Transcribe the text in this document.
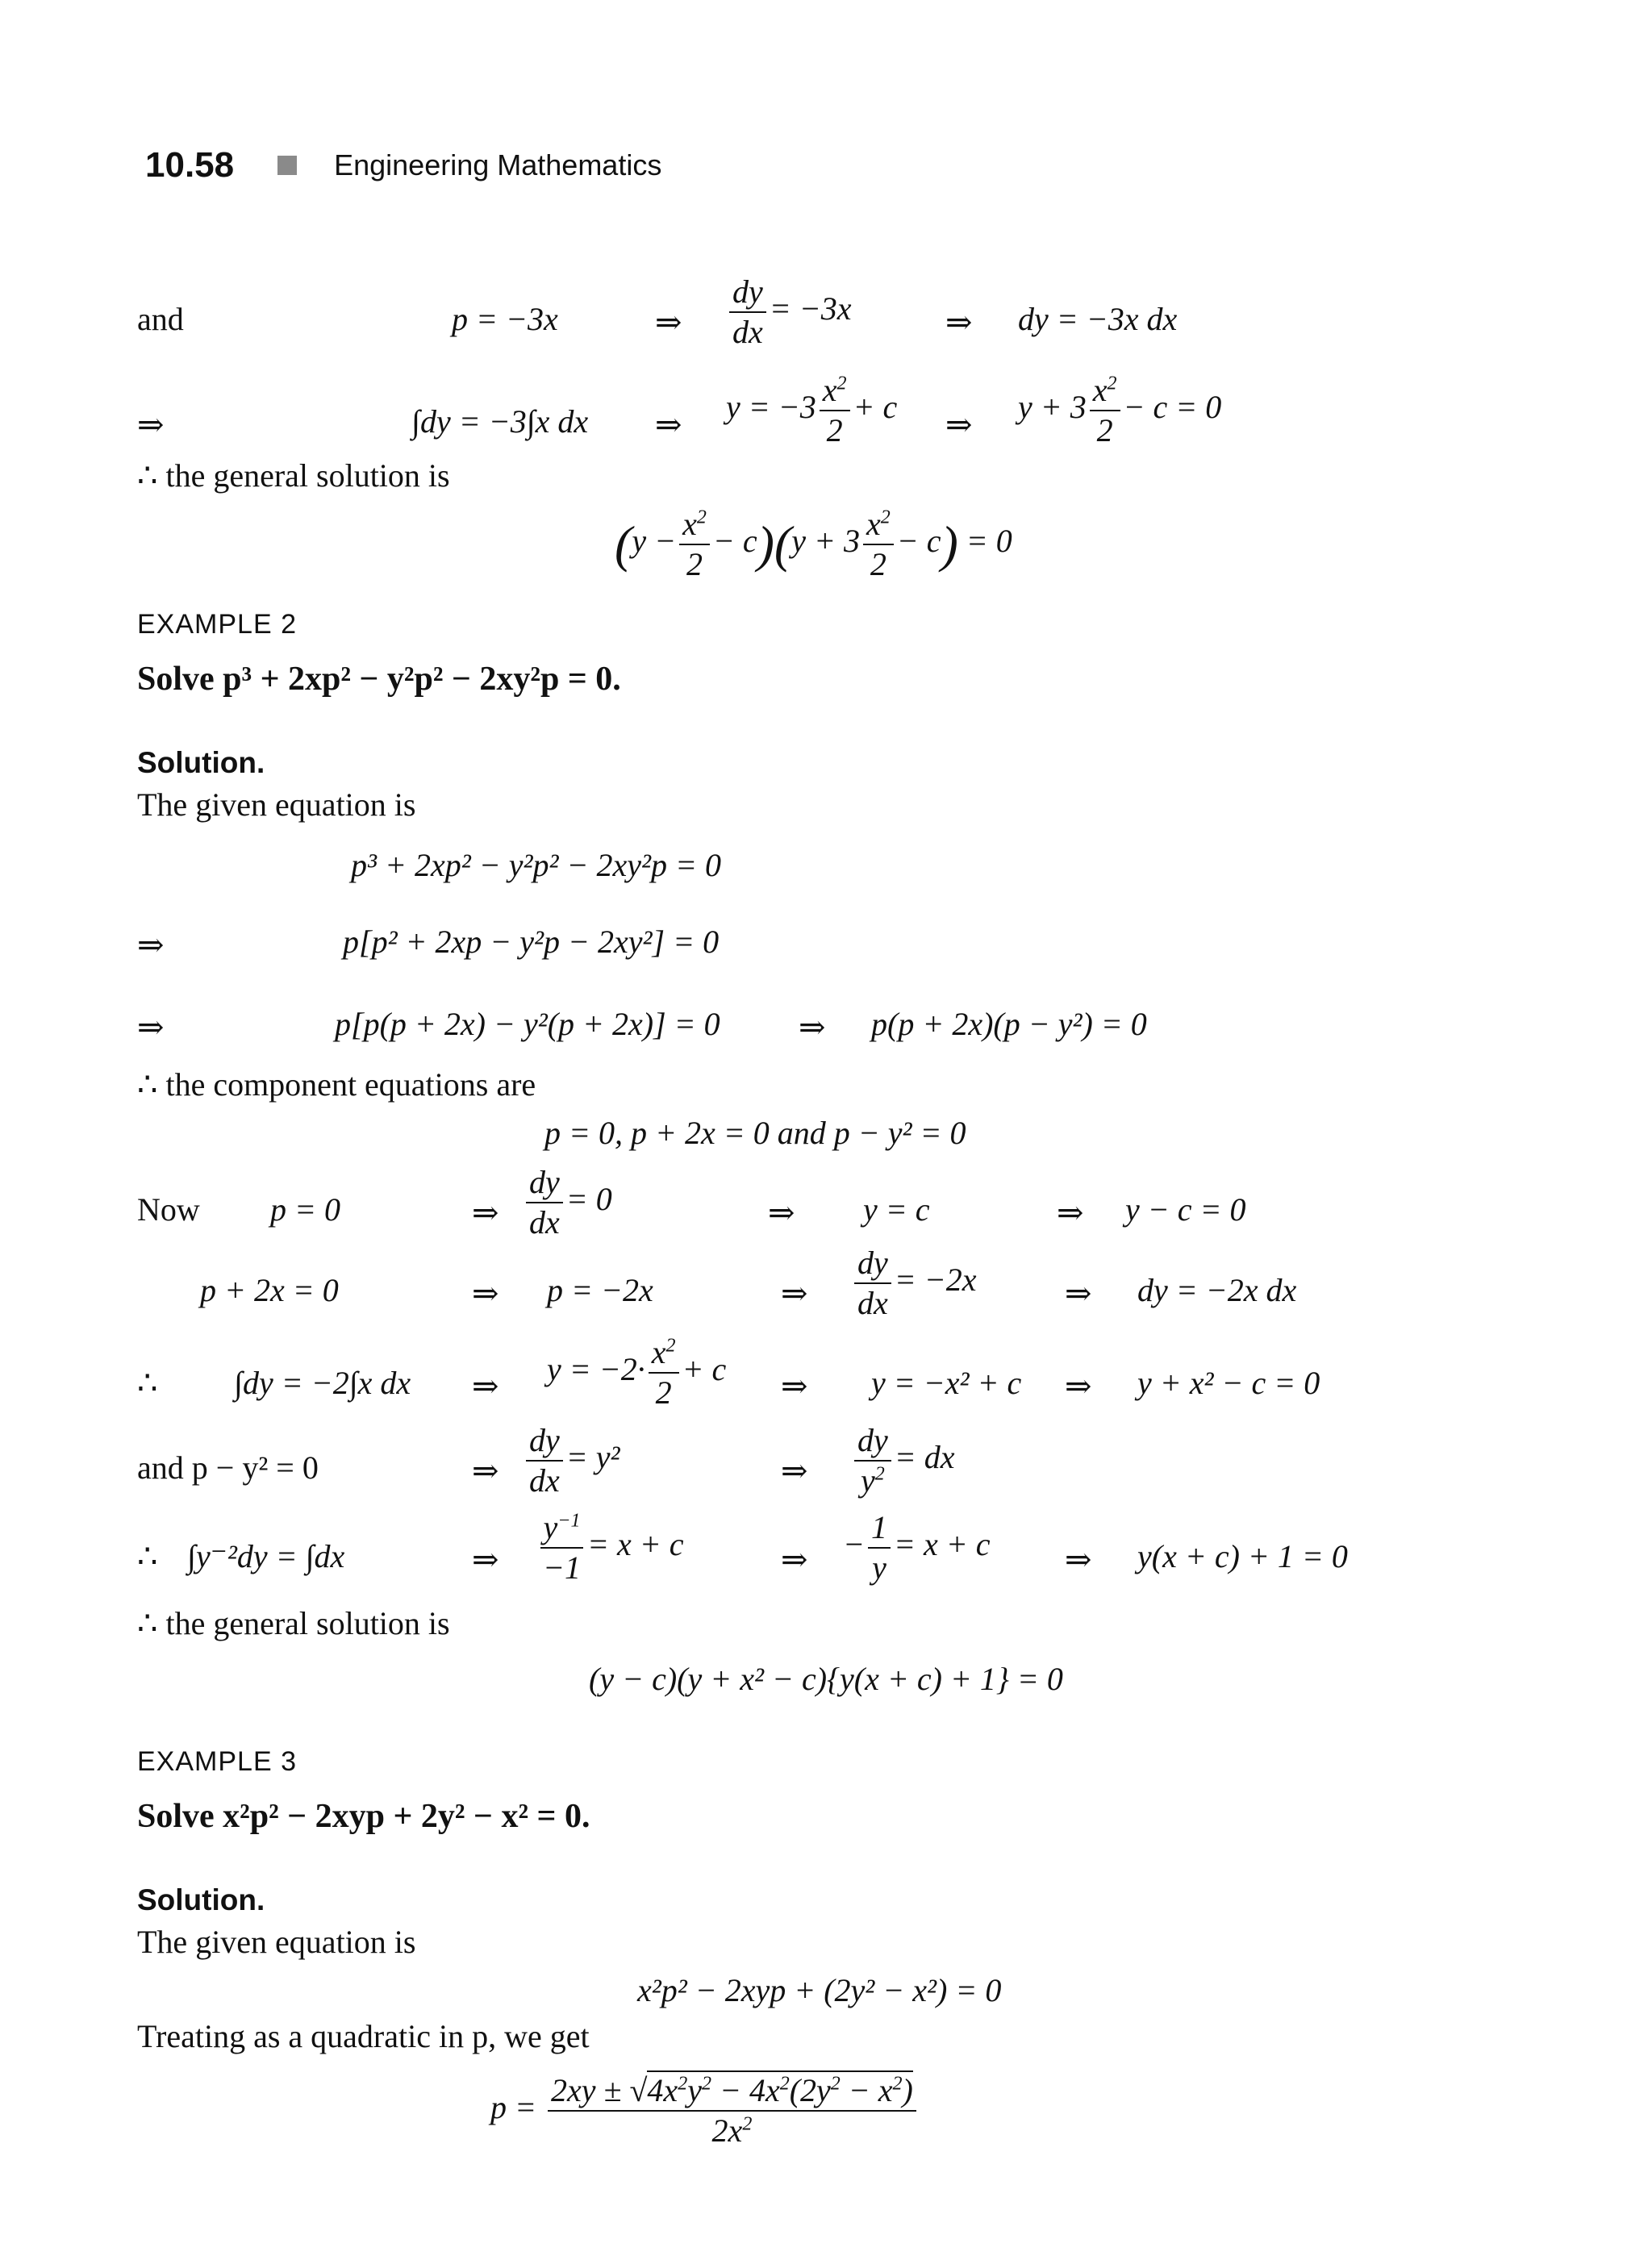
10.58	Engineering Mathematics
and	p = −3x	⇒ $\frac{dy}{dx} = -3x$	⇒ dy = −3x dx
⇒	∫dy = −3∫x dx ⇒ $y = -3 \frac{x^2}{2} + c$ ⇒ $y + 3 \frac{x^2}{2} - c = 0$
∴ the general solution is
$(y - \frac{x^2}{2} - c)(y + 3 \frac{x^2}{2} - c) = 0$
EXAMPLE 2
Solve p³ + 2xp² − y²p² − 2xy²p = 0.
Solution.
The given equation is
p³ + 2xp² − y²p² − 2xy²p = 0
⇒	p[p² + 2xp − y²p − 2xy²] = 0
⇒	p[p(p + 2x) − y²(p + 2x)] = 0 ⇒ p(p + 2x)(p − y²) = 0
∴ the component equations are
p = 0, p + 2x = 0 and p − y² = 0
Now p = 0	⇒ $\frac{dy}{dx} = 0$	⇒ y = c	⇒ y − c = 0
p + 2x = 0	⇒ p = −2x	⇒ $\frac{dy}{dx} = -2x$	⇒ dy = −2x dx
∴ ∫dy = −2∫x dx ⇒ $y = -2\cdot \frac{x^2}{2} + c$ ⇒ y = −x² + c ⇒ y + x² − c = 0
and p − y² = 0	⇒ $\frac{dy}{dx} = y^2$	⇒ $\frac{dy}{y^2}$ = dx
∴ ∫y⁻²dy = ∫dx	⇒ $\frac{y^{-1}}{-1} = x + c$	⇒ − $\frac{1}{y} = x + c$ ⇒ y(x + c) + 1 = 0
∴ the general solution is
(y − c)(y + x² − c){y(x + c) + 1} = 0
EXAMPLE 3
Solve x²p² − 2xyp + 2y² − x² = 0.
Solution.
The given equation is
x²p² − 2xyp + (2y² − x²) = 0
Treating as a quadratic in p, we get
$p = \frac{2xy \pm √4x^2y^2 - 4x^2(2y^2 - x^2)}{2x^2}$
